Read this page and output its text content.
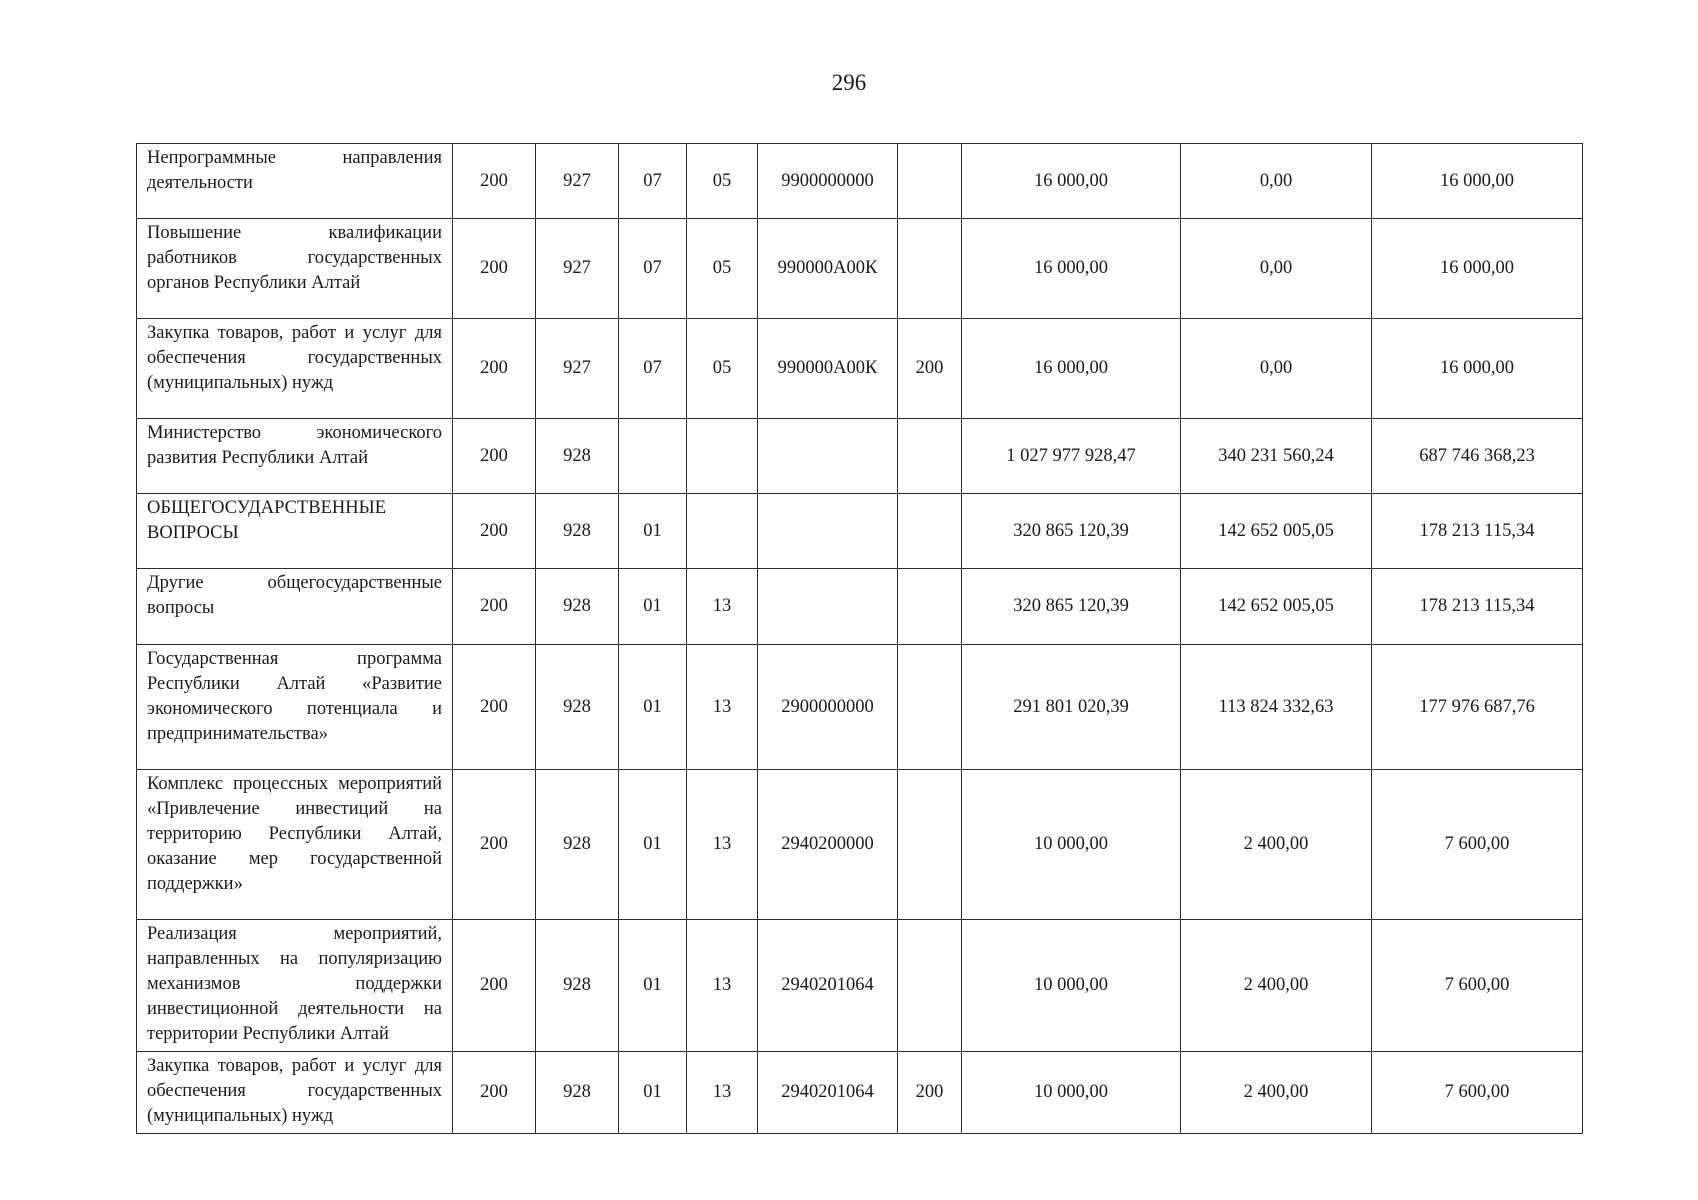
296
Непрограммные направления деятельности	200	927	07	05	9900000000		16 000,00	0,00	16 000,00
Повышение квалификации работников государственных органов Республики Алтай	200	927	07	05	990000А00К		16 000,00	0,00	16 000,00
Закупка товаров, работ и услуг для обеспечения государственных (муниципальных) нужд	200	927	07	05	990000А00К	200	16 000,00	0,00	16 000,00
Министерство экономического развития Республики Алтай	200	928					1 027 977 928,47	340 231 560,24	687 746 368,23
ОБЩЕГОСУДАРСТВЕННЫЕ ВОПРОСЫ	200	928	01				320 865 120,39	142 652 005,05	178 213 115,34
Другие общегосударственные вопросы	200	928	01	13			320 865 120,39	142 652 005,05	178 213 115,34
Государственная программа Республики Алтай «Развитие экономического потенциала и предпринимательства»	200	928	01	13	2900000000		291 801 020,39	113 824 332,63	177 976 687,76
Комплекс процессных мероприятий «Привлечение инвестиций на территорию Республики Алтай, оказание мер государственной поддержки»	200	928	01	13	2940200000		10 000,00	2 400,00	7 600,00
Реализация мероприятий, направленных на популяризацию механизмов поддержки инвестиционной деятельности на территории Республики Алтай	200	928	01	13	2940201064		10 000,00	2 400,00	7 600,00
Закупка товаров, работ и услуг для обеспечения государственных (муниципальных) нужд	200	928	01	13	2940201064	200	10 000,00	2 400,00	7 600,00
